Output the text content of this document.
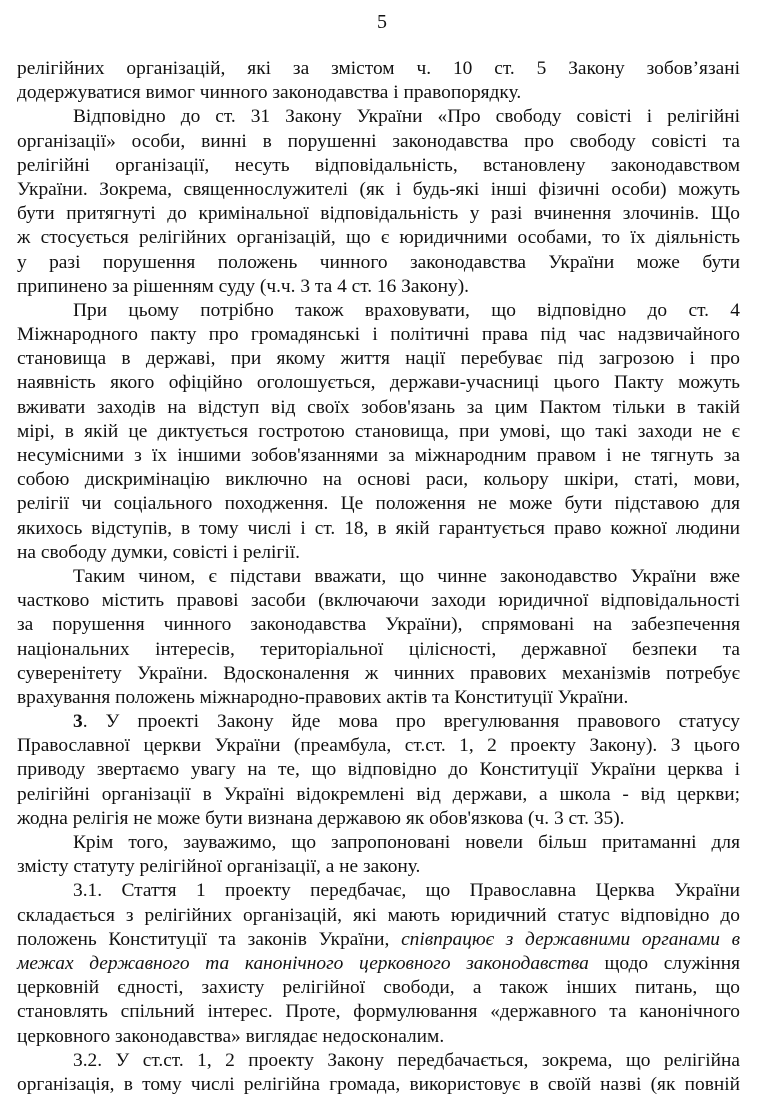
5
релігійних організацій, які за змістом ч. 10 ст. 5 Закону зобов’язані
додержуватися вимог чинного законодавства і правопорядку.
Відповідно до ст. 31 Закону України «Про свободу совісті і релігійні
організації» особи, винні в порушенні законодавства про свободу совісті та
релігійні організації, несуть відповідальність, встановлену законодавством
України. Зокрема, священнослужителі (як і будь-які інші фізичні особи) можуть
бути притягнуті до кримінальної відповідальність у разі вчинення злочинів. Що
ж стосується релігійних організацій, що є юридичними особами, то їх діяльність
у разі порушення положень чинного законодавства України може бути
припинено за рішенням суду (ч.ч. 3 та 4 ст. 16 Закону).
При цьому потрібно також враховувати, що відповідно до ст. 4
Міжнародного пакту про громадянські і політичні права під час надзвичайного
становища в державі, при якому життя нації перебуває під загрозою і про
наявність якого офіційно оголошується, держави-учасниці цього Пакту можуть
вживати заходів на відступ від своїх зобов'язань за цим Пактом тільки в такій
мірі, в якій це диктується гостротою становища, при умові, що такі заходи не є
несумісними з їх іншими зобов'язаннями за міжнародним правом і не тягнуть за
собою дискримінацію виключно на основі раси, кольору шкіри, статі, мови,
релігії чи соціального походження. Це положення не може бути підставою для
якихось відступів, в тому числі і ст. 18, в якій гарантується право кожної людини
на свободу думки, совісті і релігії.
Таким чином, є підстави вважати, що чинне законодавство України вже
частково містить правові засоби (включаючи заходи юридичної відповідальності
за порушення чинного законодавства України), спрямовані на забезпечення
національних інтересів, територіальної цілісності, державної безпеки та
суверенітету України. Вдосконалення ж чинних правових механізмів потребує
врахування положень міжнародно-правових актів та Конституції України.
3. У проекті Закону йде мова про врегулювання правового статусу
Православної церкви України (преамбула, ст.ст. 1, 2 проекту Закону). З цього
приводу звертаємо увагу на те, що відповідно до Конституції України церква і
релігійні організації в Україні відокремлені від держави, а школа - від церкви;
жодна релігія не може бути визнана державою як обов'язкова (ч. 3 ст. 35).
Крім того, зауважимо, що запропоновані новели більш притаманні для
змісту статуту релігійної організації, а не закону.
3.1. Стаття 1 проекту передбачає, що Православна Церква України
складається з релігійних організацій, які мають юридичний статус відповідно до
положень Конституції та законів України, співпрацює з державними органами в
межах державного та канонічного церковного законодавства щодо служіння
церковній єдності, захисту релігійної свободи, а також інших питань, що
становлять спільний інтерес. Проте, формулювання «державного та канонічного
церковного законодавства» виглядає недосконалим.
3.2. У ст.ст. 1, 2 проекту Закону передбачається, зокрема, що релігійна
організація, в тому числі релігійна громада, використовує в своїй назві (як повній
